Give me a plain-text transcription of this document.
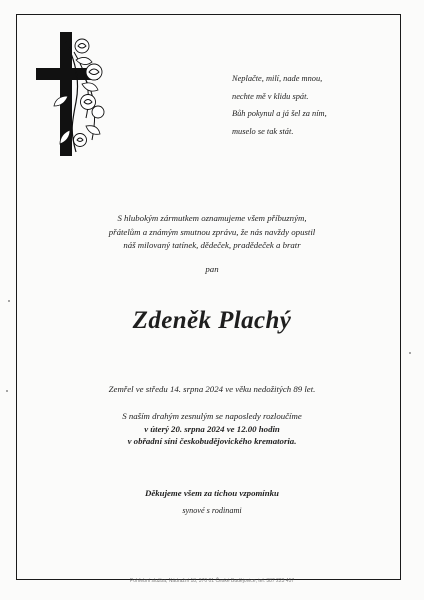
Neplačte, milí, nade mnou,
nechte mě v klidu spát.
Bůh pokynul a já šel za ním,
muselo se tak stát.
S hlubokým zármutkem oznamujeme všem příbuzným,
přátelům a známým smutnou zprávu, že nás navždy opustil
náš milovaný tatínek, dědeček, pradědeček a bratr
pan
Zdeněk Plachý
Zemřel ve středu 14. srpna 2024 ve věku nedožitých 89 let.
S naším drahým zesnulým se naposledy rozloučíme
v úterý 20. srpna 2024 ve 12.00 hodin
v obřadní síni českobudějovického krematoria.
Děkujeme všem za tichou vzpomínku
synové s rodinami
Pohřební služba, Nádražní 18, 370 01 České Budějovice, tel. 387 223 457
